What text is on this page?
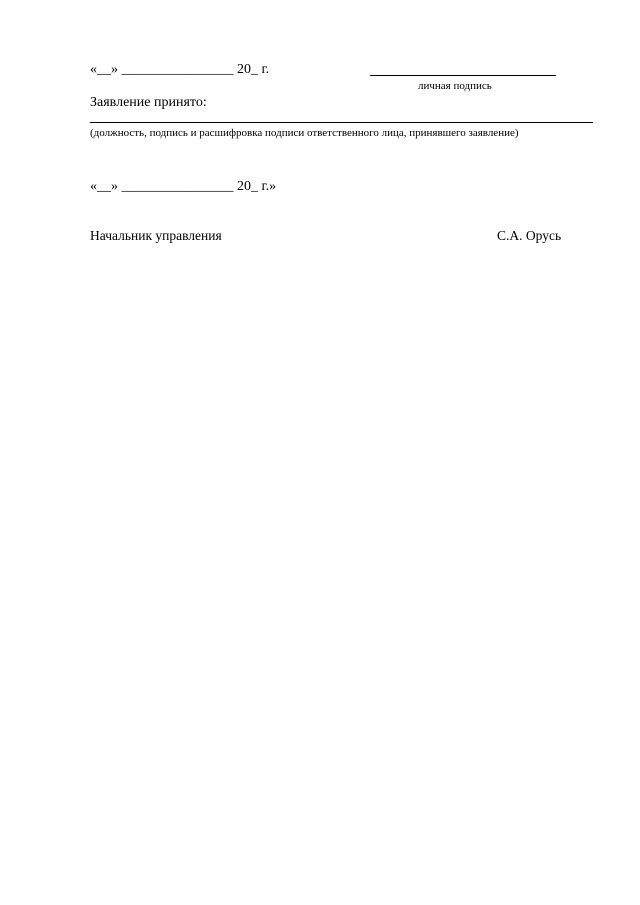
«__» ________________ 20_ г.
личная подпись
Заявление принято:
(должность, подпись и расшифровка подписи ответственного лица, принявшего заявление)
«__» ________________ 20_ г.»
Начальник управления	С.А. Орусь
